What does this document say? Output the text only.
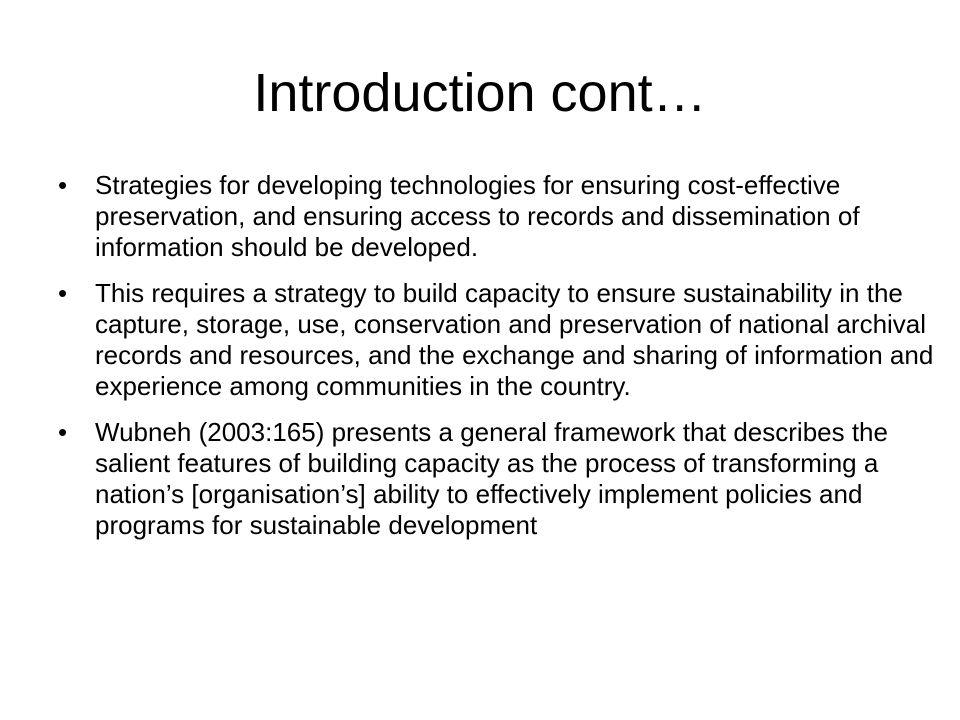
Introduction cont…
• Strategies for developing technologies for ensuring cost-effective preservation, and ensuring access to records and dissemination of information should be developed.
• This requires a strategy to build capacity to ensure sustainability in the capture, storage, use, conservation and preservation of national archival records and resources, and the exchange and sharing of information and experience among communities in the country.
• Wubneh (2003:165) presents a general framework that describes the salient features of building capacity as the process of transforming a nation’s [organisation’s] ability to effectively implement policies and programs for sustainable development
